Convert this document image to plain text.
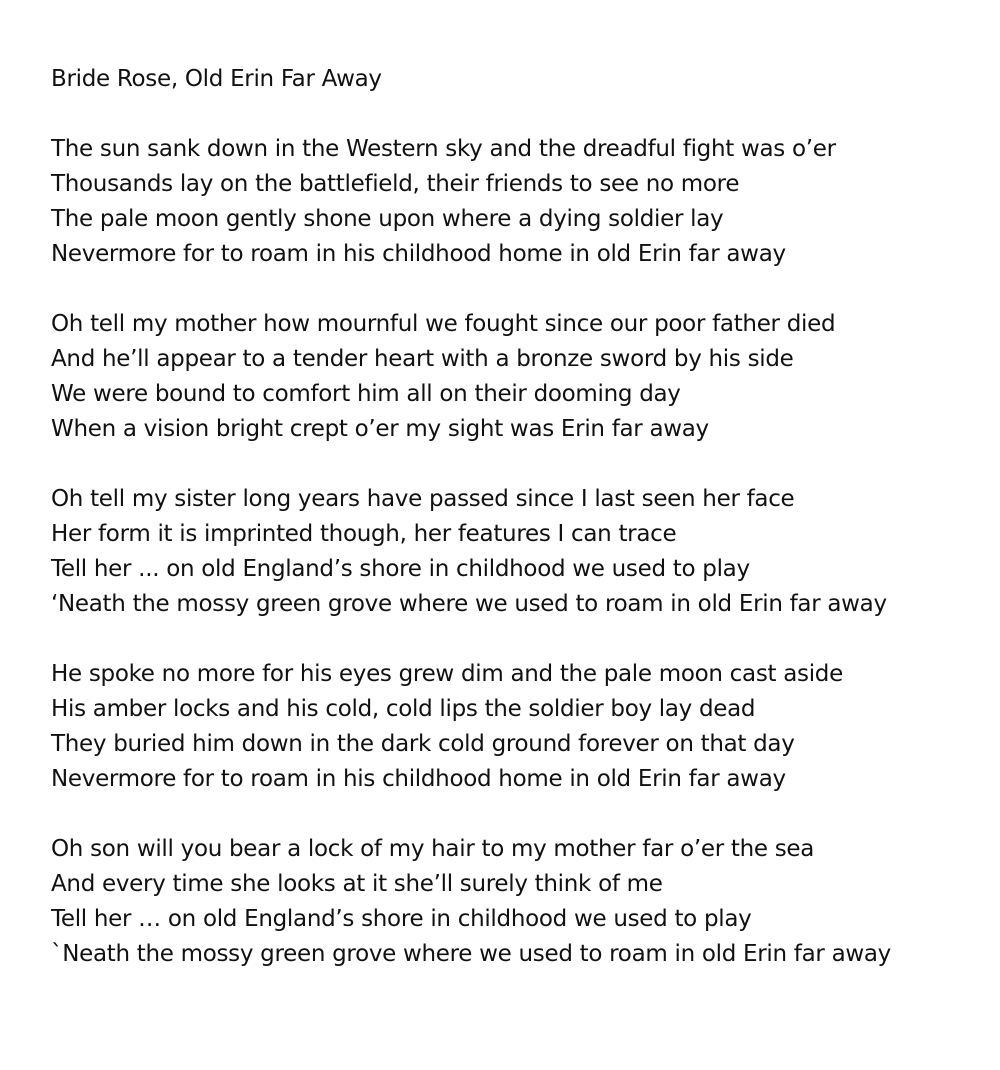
Bride Rose, Old Erin Far Away
The sun sank down in the Western sky and the dreadful fight was o’er
Thousands lay on the battlefield, their friends to see no more
The pale moon gently shone upon where a dying soldier lay
Nevermore for to roam in his childhood home in old Erin far away
Oh tell my mother how mournful we fought since our poor father died
And he’ll appear to a tender heart with a bronze sword by his side
We were bound to comfort him all on their dooming day
When a vision bright crept o’er my sight was Erin far away
Oh tell my sister long years have passed since I last seen her face
Her form it is imprinted though, her features I can trace
Tell her ... on old England’s shore in childhood we used to play
‘Neath the mossy green grove where we used to roam in old Erin far away
He spoke no more for his eyes grew dim and the pale moon cast aside
His amber locks and his cold, cold lips the soldier boy lay dead
They buried him down in the dark cold ground forever on that day
Nevermore for to roam in his childhood home in old Erin far away
Oh son will you bear a lock of my hair to my mother far o’er the sea
And every time she looks at it she’ll surely think of me
Tell her … on old England’s shore in childhood we used to play
`Neath the mossy green grove where we used to roam in old Erin far away
